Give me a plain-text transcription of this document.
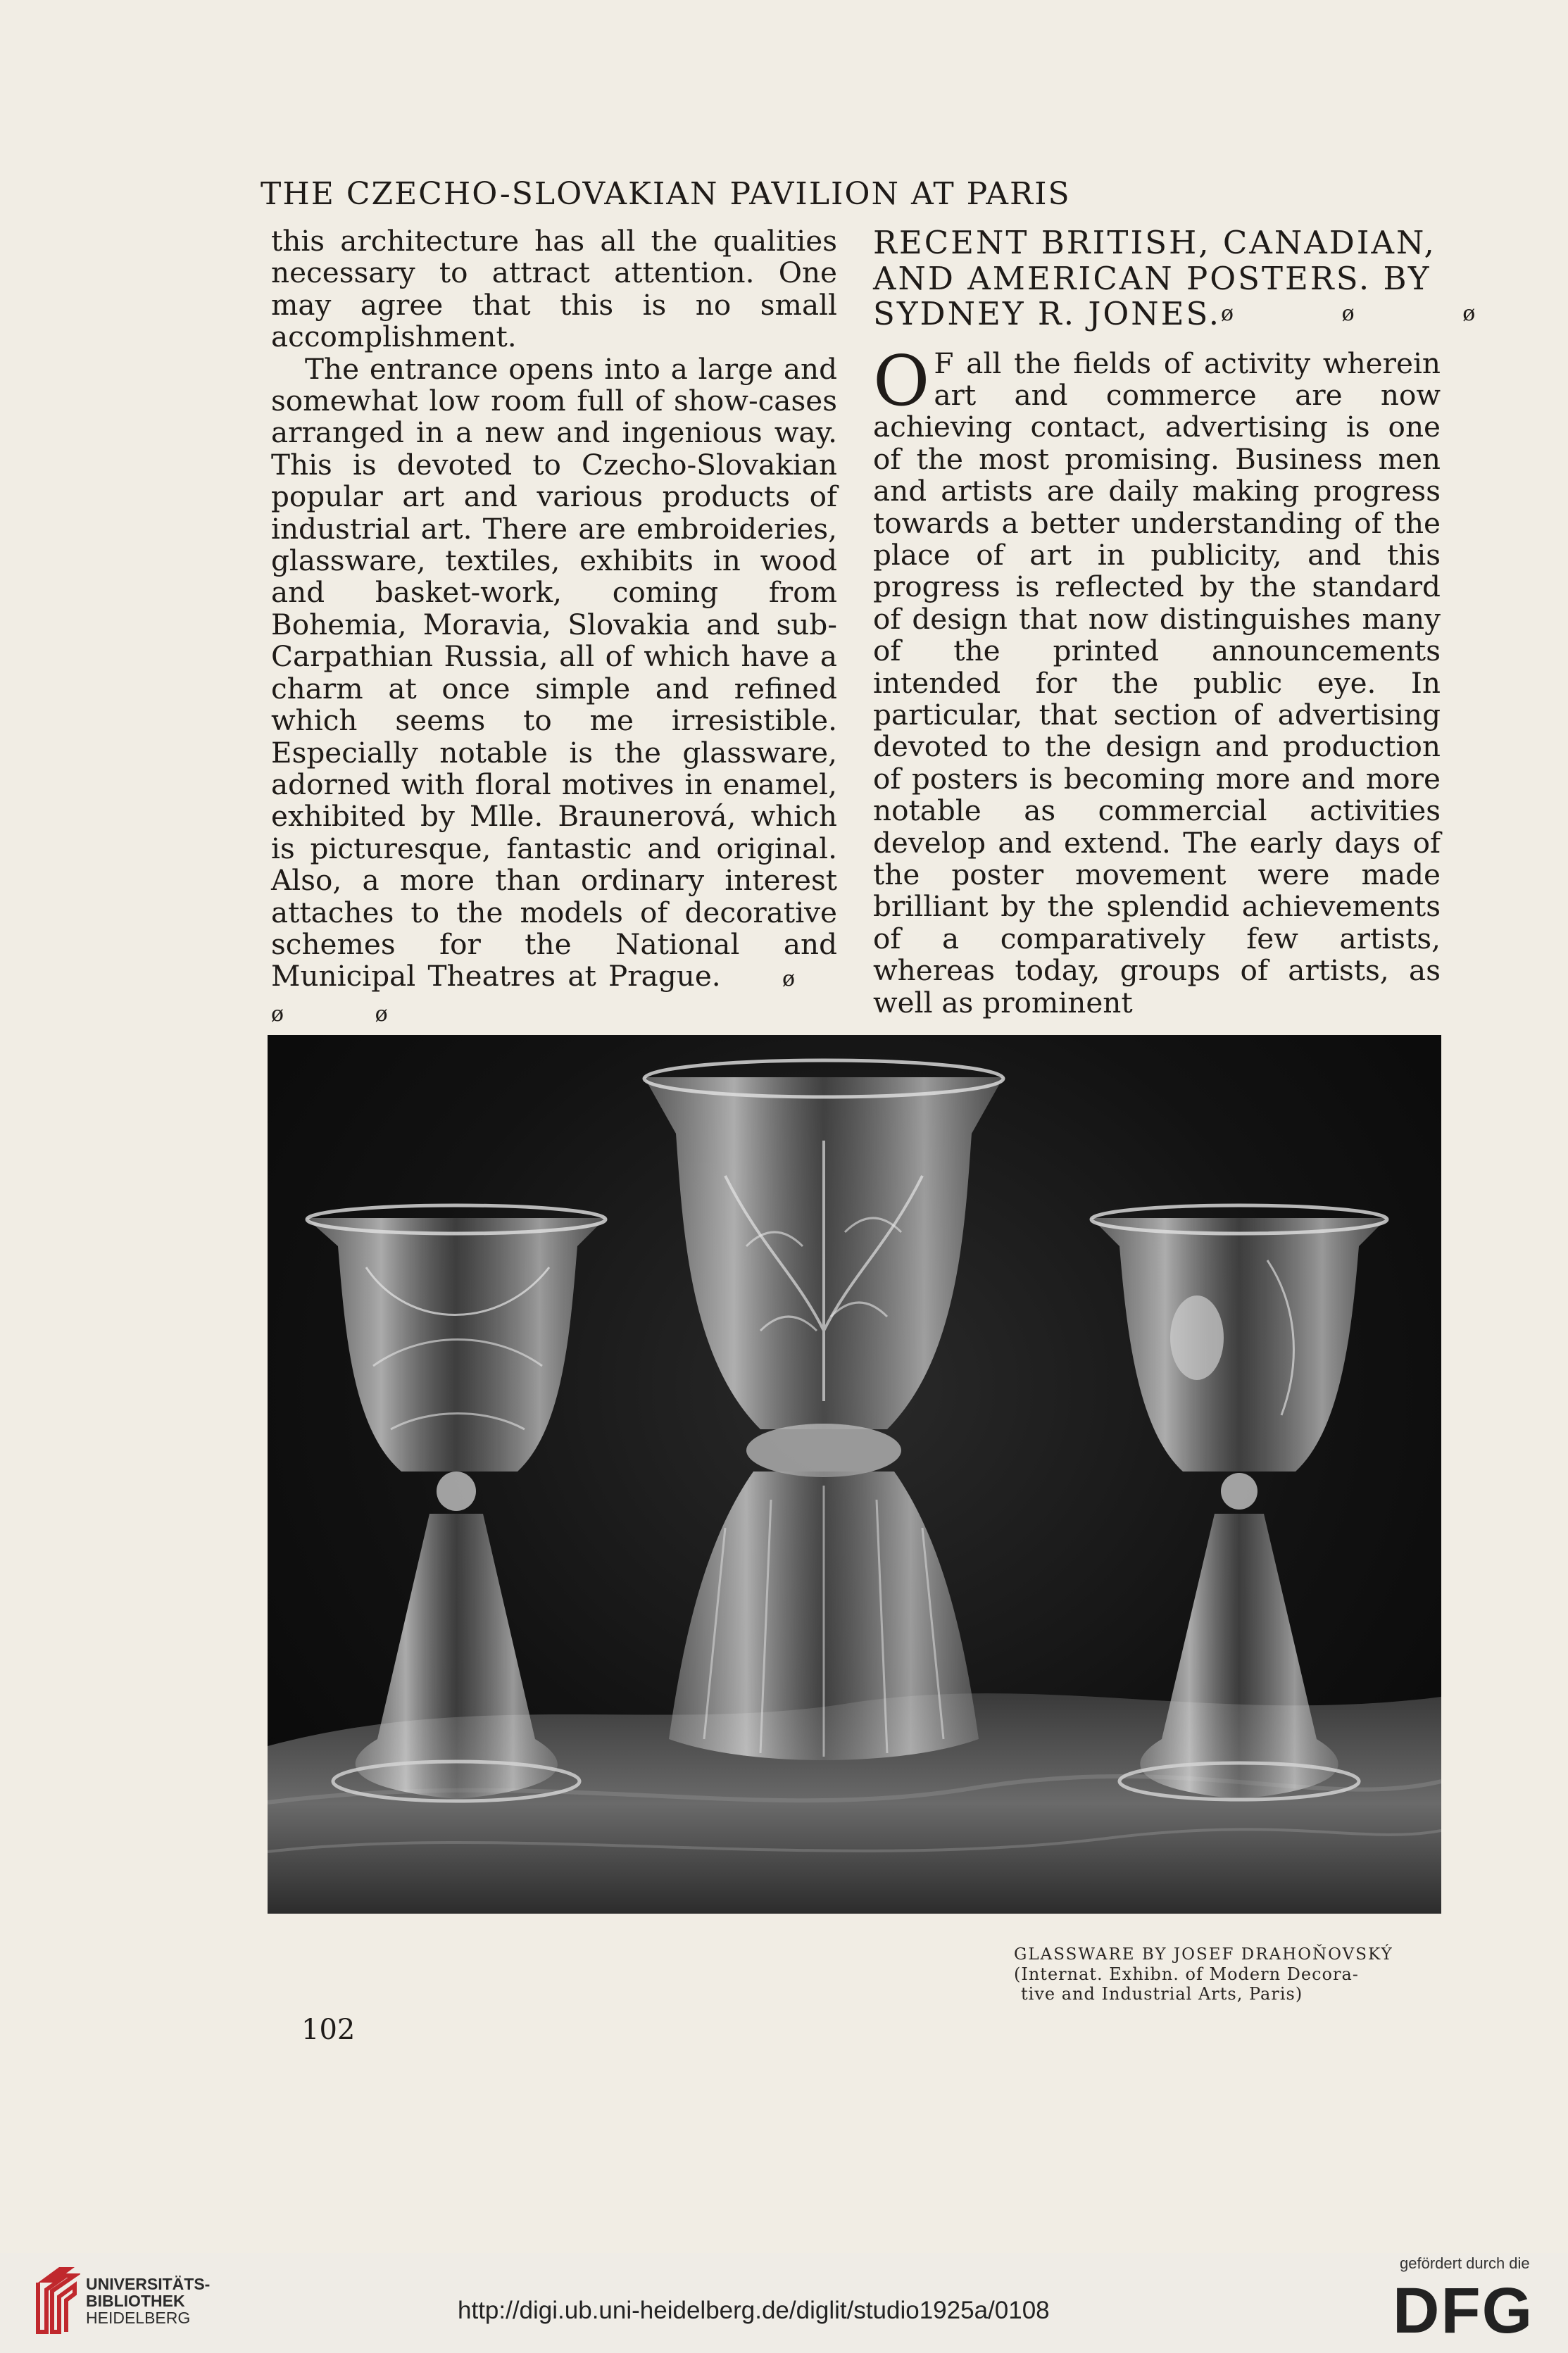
THE CZECHO-SLOVAKIAN PAVILION AT PARIS

this architecture has all the qualities necessary to attract attention. One may agree that this is no small accomplishment.

The entrance opens into a large and somewhat low room full of show-cases arranged in a new and ingenious way. This is devoted to Czecho-Slovakian popular art and various products of industrial art. There are embroideries, glassware, textiles, exhibits in wood and basket-work, coming from Bohemia, Moravia, Slovakia and sub-Carpathian Russia, all of which have a charm at once simple and refined which seems to me irresistible. Especially notable is the glassware, adorned with floral motives in enamel, exhibited by Mlle. Braunerová, which is picturesque, fantastic and original. Also, a more than ordinary interest attaches to the models of decorative schemes for the National and Municipal Theatres at Prague.	ø ø ø

RECENT BRITISH, CANADIAN,
AND AMERICAN POSTERS. BY
SYDNEY R. JONES. ø ø ø

O F all the fields of activity wherein art and commerce are now achieving contact, advertising is one of the most promising. Business men and artists are daily making progress towards a better understanding of the place of art in publicity, and this progress is reflected by the standard of design that now distinguishes many of the printed announcements intended for the public eye. In particular, that section of advertising devoted to the design and production of posters is becoming more and more notable as commercial activities develop and extend. The early days of the poster movement were made brilliant by the splendid achievements of a comparatively few artists, whereas today, groups of artists, as well as prominent

GLASSWARE BY JOSEF DRAHOŇOVSKÝ
(Internat. Exhibn. of Modern Decora-
tive and Industrial Arts, Paris)
102
UNIVERSITÄTS-
BIBLIOTHEK
HEIDELBERG	http://digi.ub.uni-heidelberg.de/diglit/studio1925a/0108
gefördert durch die
DFG
